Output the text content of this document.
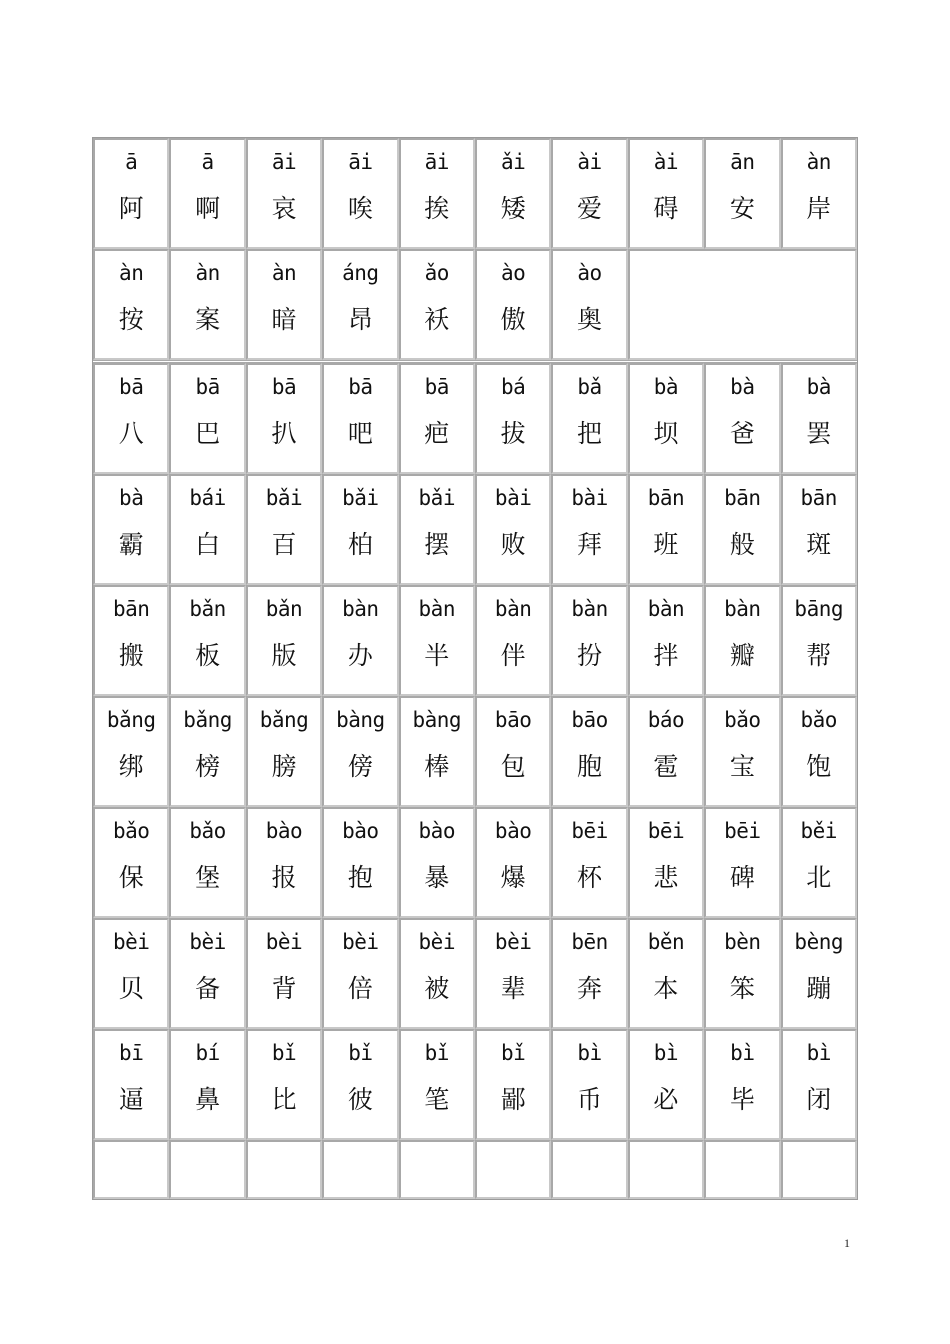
ā
阿
ā
啊
āi
哀
āi
唉
āi
挨
ǎi
矮
ài
爱
ài
碍
ān
安
àn
岸
àn
按
àn
案
àn
暗
áng
昂
ǎo
袄
ào
傲
ào
奥
bā
八
bā
巴
bā
扒
bā
吧
bā
疤
bá
拔
bǎ
把
bà
坝
bà
爸
bà
罢
bà
霸
bái
白
bǎi
百
bǎi
柏
bǎi
摆
bài
败
bài
拜
bān
班
bān
般
bān
斑
bān
搬
bǎn
板
bǎn
版
bàn
办
bàn
半
bàn
伴
bàn
扮
bàn
拌
bàn
瓣
bāng
帮
bǎng
绑
bǎng
榜
bǎng
膀
bàng
傍
bàng
棒
bāo
包
bāo
胞
báo
雹
bǎo
宝
bǎo
饱
bǎo
保
bǎo
堡
bào
报
bào
抱
bào
暴
bào
爆
bēi
杯
bēi
悲
bēi
碑
běi
北
bèi
贝
bèi
备
bèi
背
bèi
倍
bèi
被
bèi
辈
bēn
奔
běn
本
bèn
笨
bèng
蹦
bī
逼
bí
鼻
bǐ
比
bǐ
彼
bǐ
笔
bǐ
鄙
bì
币
bì
必
bì
毕
bì
闭
1
